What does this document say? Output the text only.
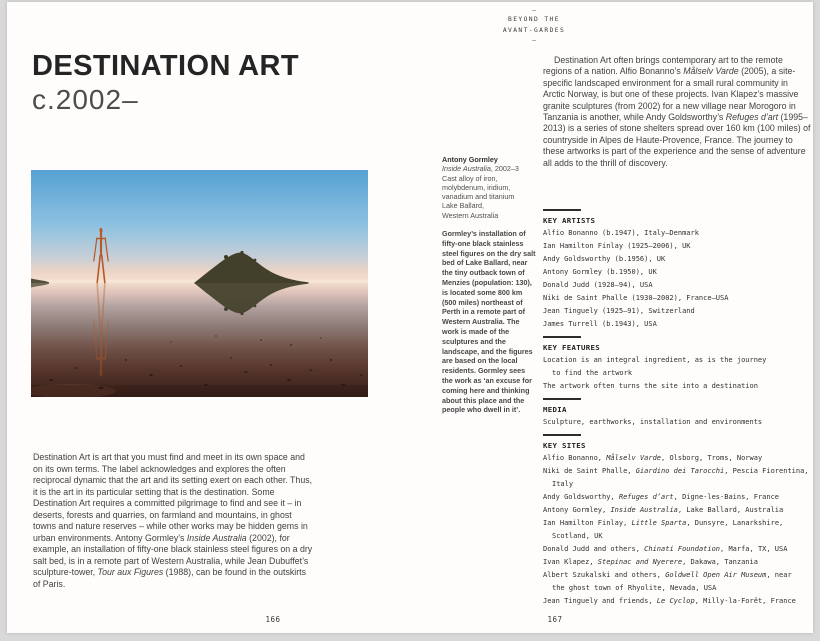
–
BEYOND THE
AVANT-GARDES
–
DESTINATION ART
c.2002–
Antony Gormley
Inside Australia, 2002–3
Cast alloy of iron, molybdenum, iridium, vanadium and titanium
Lake Ballard,
Western Australia
Gormley’s installation of fifty-one black stainless steel figures on the dry salt bed of Lake Ballard, near the tiny outback town of Menzies (population: 130), is located some 800 km (500 miles) northeast of Perth in a remote part of Western Australia. The work is made of the sculptures and the landscape, and the figures are based on the local residents. Gormley sees the work as ‘an excuse for coming here and thinking about this place and the people who dwell in it’.
Destination Art is art that you must find and meet in its own space and on its own terms. The label acknowledges and explores the often reciprocal dynamic that the art and its setting exert on each other. Thus, it is the art in its particular setting that is the destination. Some Destination Art requires a committed pilgrimage to find and see it – in deserts, forests and quarries, on farmland and mountains, in ghost towns and nature reserves – while other works may be hidden gems in urban environments. Antony Gormley’s Inside Australia (2002), for example, an installation of fifty-one black stainless steel figures on a dry salt bed, is in a remote part of Western Australia, while Jean Dubuffet’s sculpture-tower, Tour aux Figures (1988), can be found in the outskirts of Paris.
Destination Art often brings contemporary art to the remote regions of a nation. Alfio Bonanno’s Målselv Varde (2005), a site-specific landscaped environment for a small rural community in Arctic Norway, is but one of these projects. Ivan Klapez’s massive granite sculptures (from 2002) for a new village near Morogoro in Tanzania is another, while Andy Goldsworthy’s Refuges d’art (1995–2013) is a series of stone shelters spread over 160 km (100 miles) of countryside in Alpes de Haute-Provence, France. The journey to these artworks is part of the experience and the sense of adventure all adds to the thrill of discovery.
KEY ARTISTS
Alfio Bonanno (b.1947), Italy–Denmark
Ian Hamilton Finlay (1925–2006), UK
Andy Goldsworthy (b.1956), UK
Antony Gormley (b.1950), UK
Donald Judd (1928–94), USA
Niki de Saint Phalle (1930–2002), France–USA
Jean Tinguely (1925–91), Switzerland
James Turrell (b.1943), USA
KEY FEATURES
Location is an integral ingredient, as is the journey
to find the artwork
The artwork often turns the site into a destination
MEDIA
Sculpture, earthworks, installation and environments
KEY SITES
Alfio Bonanno, Målselv Varde, Olsborg, Troms, Norway
Niki de Saint Phalle, Giardino dei Tarocchi, Pescia Fiorentina,
Italy
Andy Goldsworthy, Refuges d’art, Digne-les-Bains, France
Antony Gormley, Inside Australia, Lake Ballard, Australia
Ian Hamilton Finlay, Little Sparta, Dunsyre, Lanarkshire,
Scotland, UK
Donald Judd and others, Chinati Foundation, Marfa, TX, USA
Ivan Klapez, Stepinac and Nyerere, Dakawa, Tanzania
Albert Szukalski and others, Goldwell Open Air Museum, near
the ghost town of Rhyolite, Nevada, USA
Jean Tinguely and friends, Le Cyclop, Milly-la-Forêt, France
166	167
